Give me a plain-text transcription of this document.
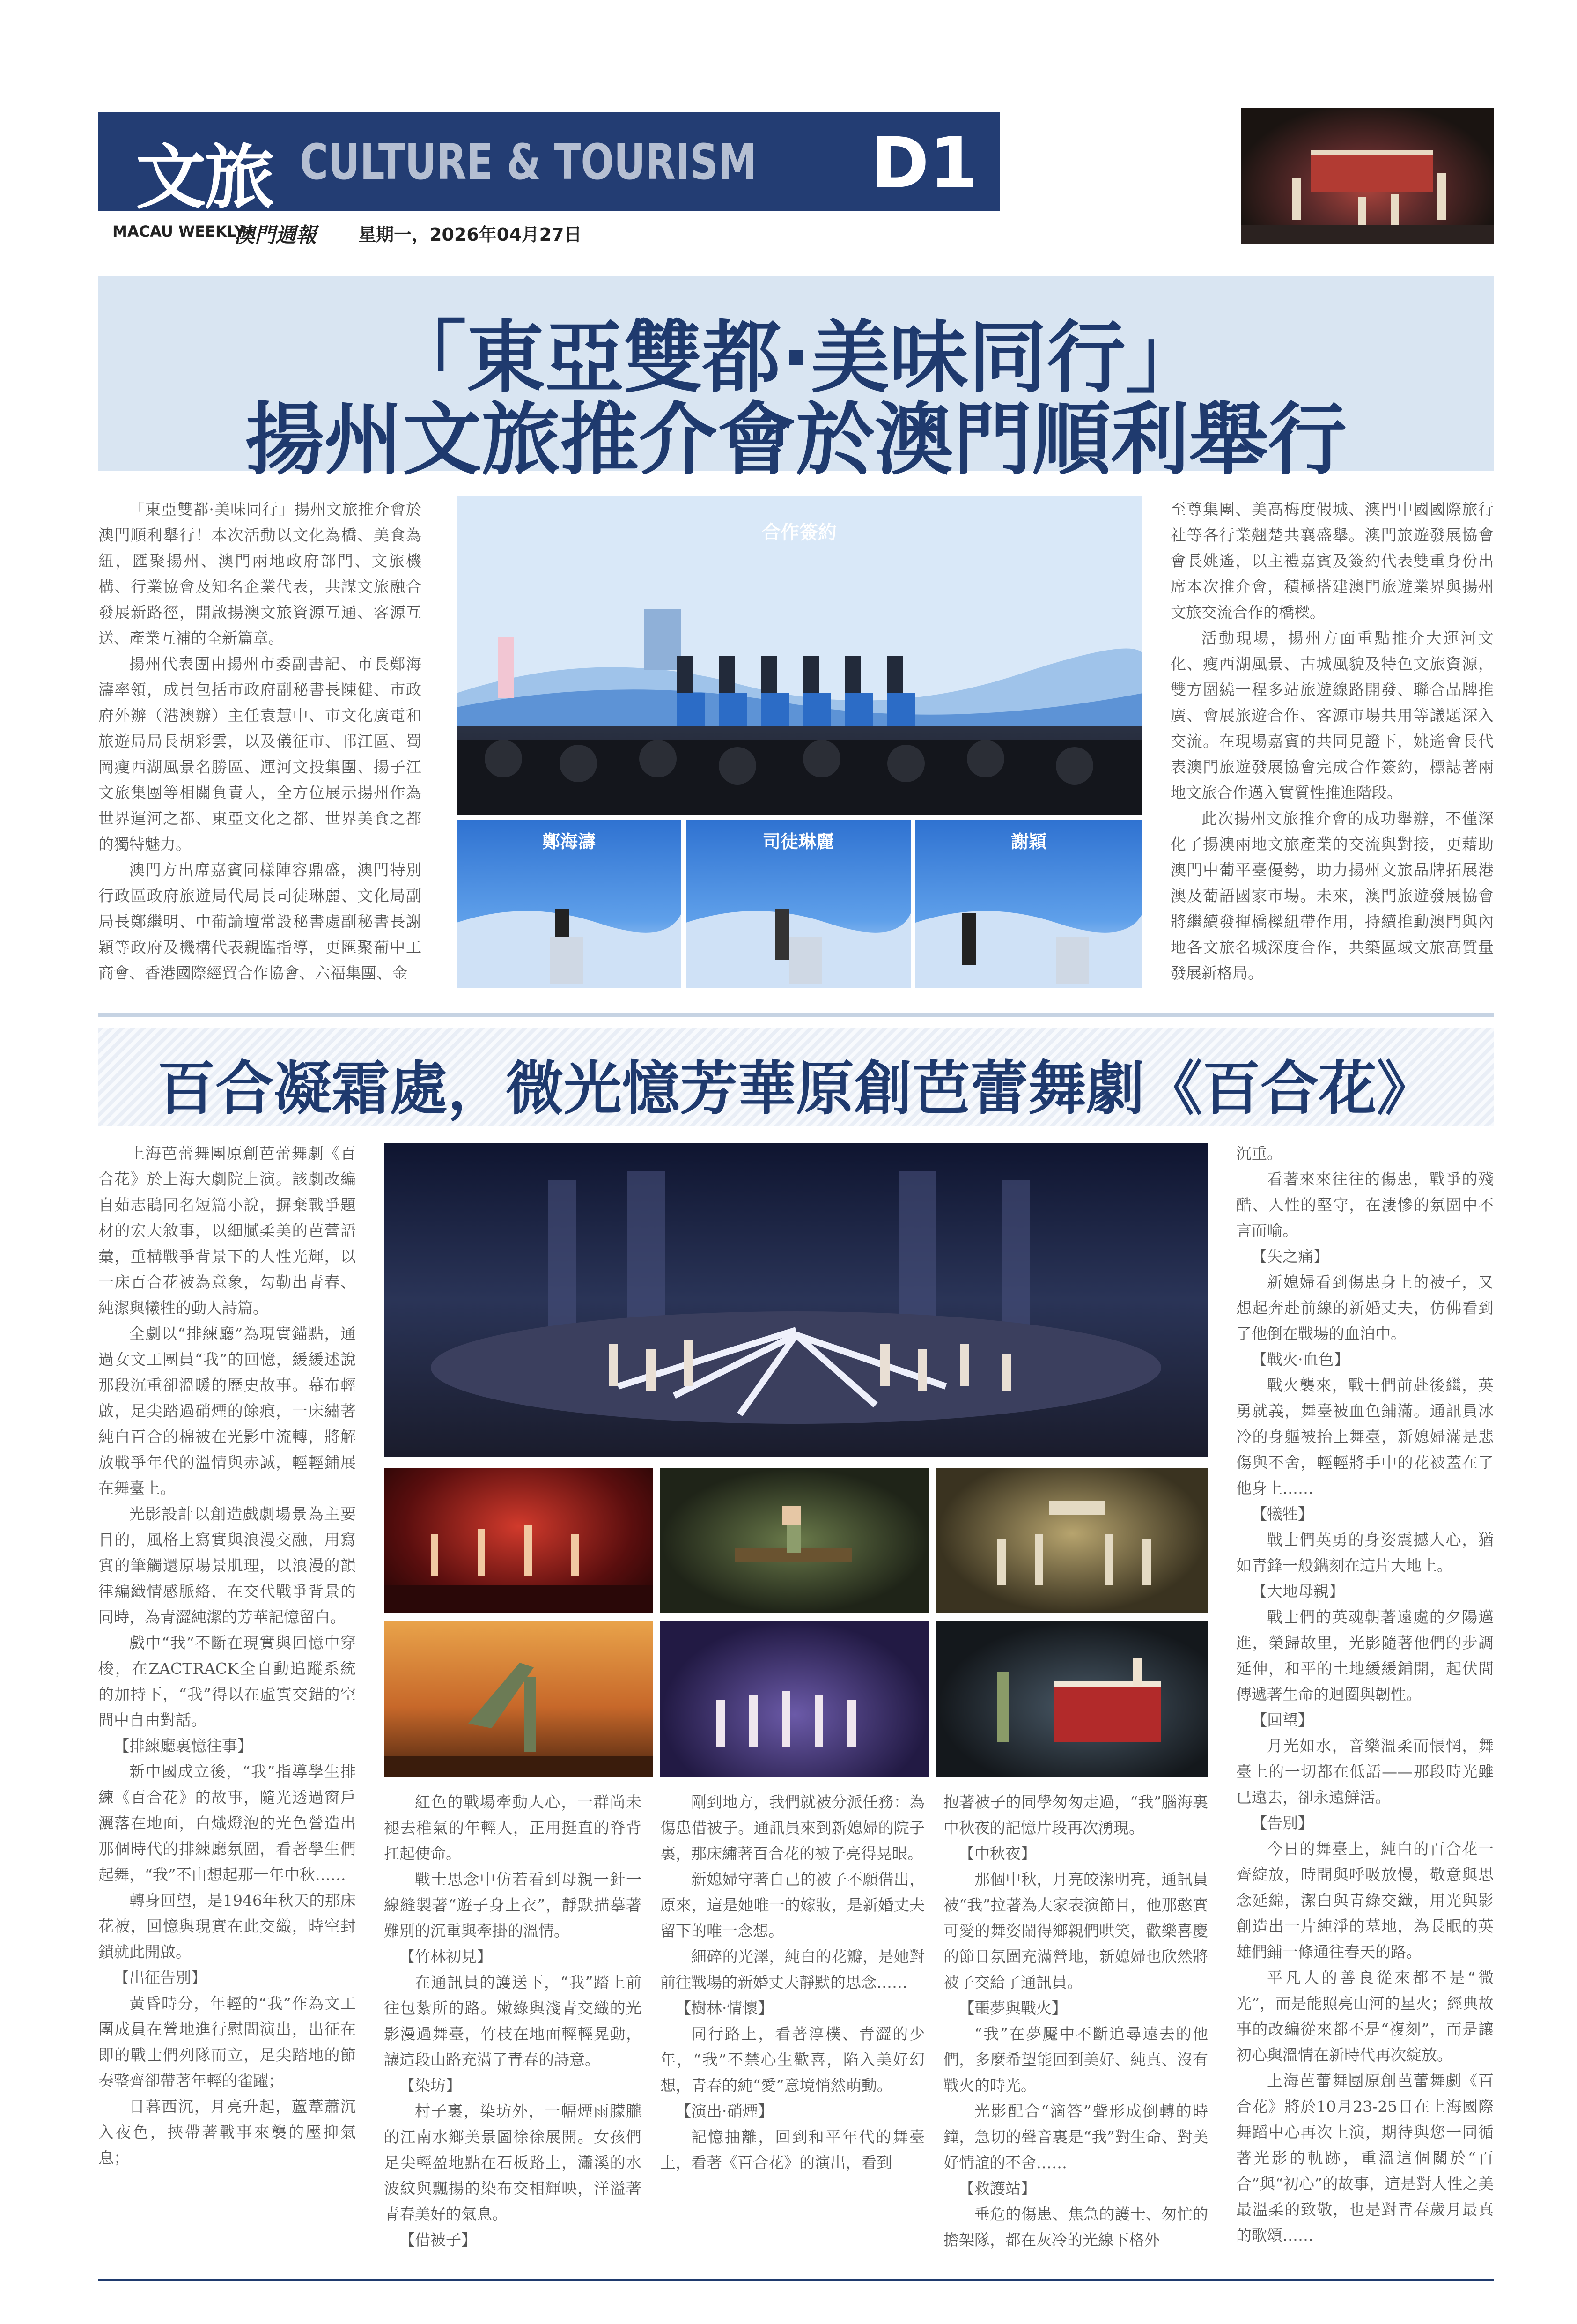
文旅 CULTURE & TOURISM D1
MACAU WEEKLY
澳門週報 星期一，2026年04月27日
「東亞雙都·美味同行」
揚州文旅推介會於澳門順利舉行

「東亞雙都·美味同行」揚州文旅推介會於澳門順利舉行！本次活動以文化為橋、美食為紐，匯聚揚州、澳門兩地政府部門、文旅機構、行業協會及知名企業代表，共謀文旅融合發展新路徑，開啟揚澳文旅資源互通、客源互送、產業互補的全新篇章。

揚州代表團由揚州市委副書記、市長鄭海濤率領，成員包括市政府副秘書長陳健、市政府外辦（港澳辦）主任袁慧中、市文化廣電和旅遊局局長胡彩雲，以及儀征市、邗江區、蜀岡瘦西湖風景名勝區、運河文投集團、揚子江文旅集團等相關負責人，全方位展示揚州作為世界運河之都、東亞文化之都、世界美食之都的獨特魅力。

澳門方出席嘉賓同樣陣容鼎盛，澳門特別行政區政府旅遊局代局長司徒琳麗、文化局副局長鄭繼明、中葡論壇常設秘書處副秘書長謝穎等政府及機構代表親臨指導，更匯聚葡中工商會、香港國際經貿合作協會、六福集團、金

合作簽約
鄭海濤	司徒琳麗	謝穎

至尊集團、美高梅度假城、澳門中國國際旅行社等各行業翹楚共襄盛舉。澳門旅遊發展協會會長姚遙，以主禮嘉賓及簽約代表雙重身份出席本次推介會，積極搭建澳門旅遊業界與揚州文旅交流合作的橋樑。

活動現場，揚州方面重點推介大運河文化、瘦西湖風景、古城風貌及特色文旅資源，雙方圍繞一程多站旅遊線路開發、聯合品牌推廣、會展旅遊合作、客源市場共用等議題深入交流。在現場嘉賓的共同見證下，姚遙會長代表澳門旅遊發展協會完成合作簽約，標誌著兩地文旅合作邁入實質性推進階段。

此次揚州文旅推介會的成功舉辦，不僅深化了揚澳兩地文旅產業的交流與對接，更藉助澳門中葡平臺優勢，助力揚州文旅品牌拓展港澳及葡語國家市場。未來，澳門旅遊發展協會將繼續發揮橋樑紐帶作用，持續推動澳門與內地各文旅名城深度合作，共築區域文旅高質量發展新格局。

百合凝霜處，微光憶芳華原創芭蕾舞劇《百合花》

上海芭蕾舞團原創芭蕾舞劇《百合花》於上海大劇院上演。該劇改編自茹志鵑同名短篇小說，摒棄戰爭題材的宏大敘事，以細膩柔美的芭蕾語彙，重構戰爭背景下的人性光輝，以一床百合花被為意象，勾勒出青春、純潔與犧牲的動人詩篇。

全劇以“排練廳”為現實錨點，通過女文工團員“我”的回憶，緩緩述說那段沉重卻溫暖的歷史故事。幕布輕啟，足尖踏過硝煙的餘痕，一床繡著純白百合的棉被在光影中流轉，將解放戰爭年代的溫情與赤誠，輕輕鋪展在舞臺上。

光影設計以創造戲劇場景為主要目的，風格上寫實與浪漫交融，用寫實的筆觸還原場景肌理，以浪漫的韻律編織情感脈絡，在交代戰爭背景的同時，為青澀純潔的芳華記憶留白。

戲中“我”不斷在現實與回憶中穿梭，在ZACTRACK全自動追蹤系統的加持下，“我”得以在虛實交錯的空間中自由對話。

【排練廳裏憶往事】

新中國成立後，“我”指導學生排練《百合花》的故事，隨光透過窗戶灑落在地面，白熾燈泡的光色營造出那個時代的排練廳氛圍，看著學生們起舞，“我”不由想起那一年中秋……

轉身回望，是1946年秋天的那床花被，回憶與現實在此交織，時空封鎖就此開啟。

【出征告別】

黃昏時分，年輕的“我”作為文工團成員在營地進行慰問演出，出征在即的戰士們列隊而立，足尖踏地的節奏整齊卻帶著年輕的雀躍；

日暮西沉，月亮升起，蘆葦蕭沉入夜色，挾帶著戰事來襲的壓抑氣息；

紅色的戰場牽動人心，一群尚未褪去稚氣的年輕人，正用挺直的脊背扛起使命。

戰士思念中仿若看到母親一針一線縫製著“遊子身上衣”，靜默描摹著難別的沉重與牽掛的溫情。

【竹林初見】

在通訊員的護送下，“我”踏上前往包紮所的路。嫩綠與淺青交織的光影漫過舞臺，竹枝在地面輕輕晃動，讓這段山路充滿了青春的詩意。

【染坊】

村子裏，染坊外，一幅煙雨朦朧的江南水鄉美景圖徐徐展開。女孩們足尖輕盈地點在石板路上，瀟溪的水波紋與飄揚的染布交相輝映，洋溢著青春美好的氣息。

【借被子】

剛到地方，我們就被分派任務：為傷患借被子。通訊員來到新媳婦的院子裏，那床繡著百合花的被子亮得晃眼。

新媳婦守著自己的被子不願借出，原來，這是她唯一的嫁妝，是新婚丈夫留下的唯一念想。

細碎的光澤，純白的花瓣，是她對前往戰場的新婚丈夫靜默的思念……

【樹林·情懷】

同行路上，看著淳樸、青澀的少年，“我”不禁心生歡喜，陷入美好幻想，青春的純“愛”意境悄然萌動。

【演出·硝煙】

記憶抽離，回到和平年代的舞臺上，看著《百合花》的演出，看到

抱著被子的同學匆匆走過，“我”腦海裏中秋夜的記憶片段再次湧現。

【中秋夜】

那個中秋，月亮皎潔明亮，通訊員被“我”拉著為大家表演節目，他那憨實可愛的舞姿鬧得鄉親們哄笑，歡樂喜慶的節日氛圍充滿營地，新媳婦也欣然將被子交給了通訊員。

【噩夢與戰火】

“我”在夢魘中不斷追尋遠去的他們，多麼希望能回到美好、純真、沒有戰火的時光。

光影配合“滴答”聲形成倒轉的時鐘，急切的聲音裏是“我”對生命、對美好情誼的不舍……

【救護站】

垂危的傷患、焦急的護士、匆忙的擔架隊，都在灰冷的光線下格外

沉重。

看著來來往往的傷患，戰爭的殘酷、人性的堅守，在淒慘的氛圍中不言而喻。

【失之痛】

新媳婦看到傷患身上的被子，又想起奔赴前線的新婚丈夫，仿佛看到了他倒在戰場的血泊中。

【戰火·血色】

戰火襲來，戰士們前赴後繼，英勇就義，舞臺被血色鋪滿。通訊員冰冷的身軀被抬上舞臺，新媳婦滿是悲傷與不舍，輕輕將手中的花被蓋在了他身上……

【犧牲】

戰士們英勇的身姿震撼人心，猶如青鋒一般鐫刻在這片大地上。

【大地母親】

戰士們的英魂朝著遠處的夕陽邁進，榮歸故里，光影隨著他們的步調延伸，和平的土地緩緩鋪開，起伏間傳遞著生命的迴圈與韌性。

【回望】

月光如水，音樂溫柔而悵惘，舞臺上的一切都在低語——那段時光雖已遠去，卻永遠鮮活。

【告別】

今日的舞臺上，純白的百合花一齊綻放，時間與呼吸放慢，敬意與思念延綿，潔白與青綠交織，用光與影創造出一片純淨的墓地，為長眠的英雄們鋪一條通往春天的路。

平凡人的善良從來都不是“微光”，而是能照亮山河的星火；經典故事的改編從來都不是“複刻”，而是讓初心與溫情在新時代再次綻放。

上海芭蕾舞團原創芭蕾舞劇《百合花》將於10月23-25日在上海國際舞蹈中心再次上演，期待與您一同循著光影的軌跡，重溫這個關於“百合”與“初心”的故事，這是對人性之美最溫柔的致敬，也是對青春歲月最真的歌頌……
